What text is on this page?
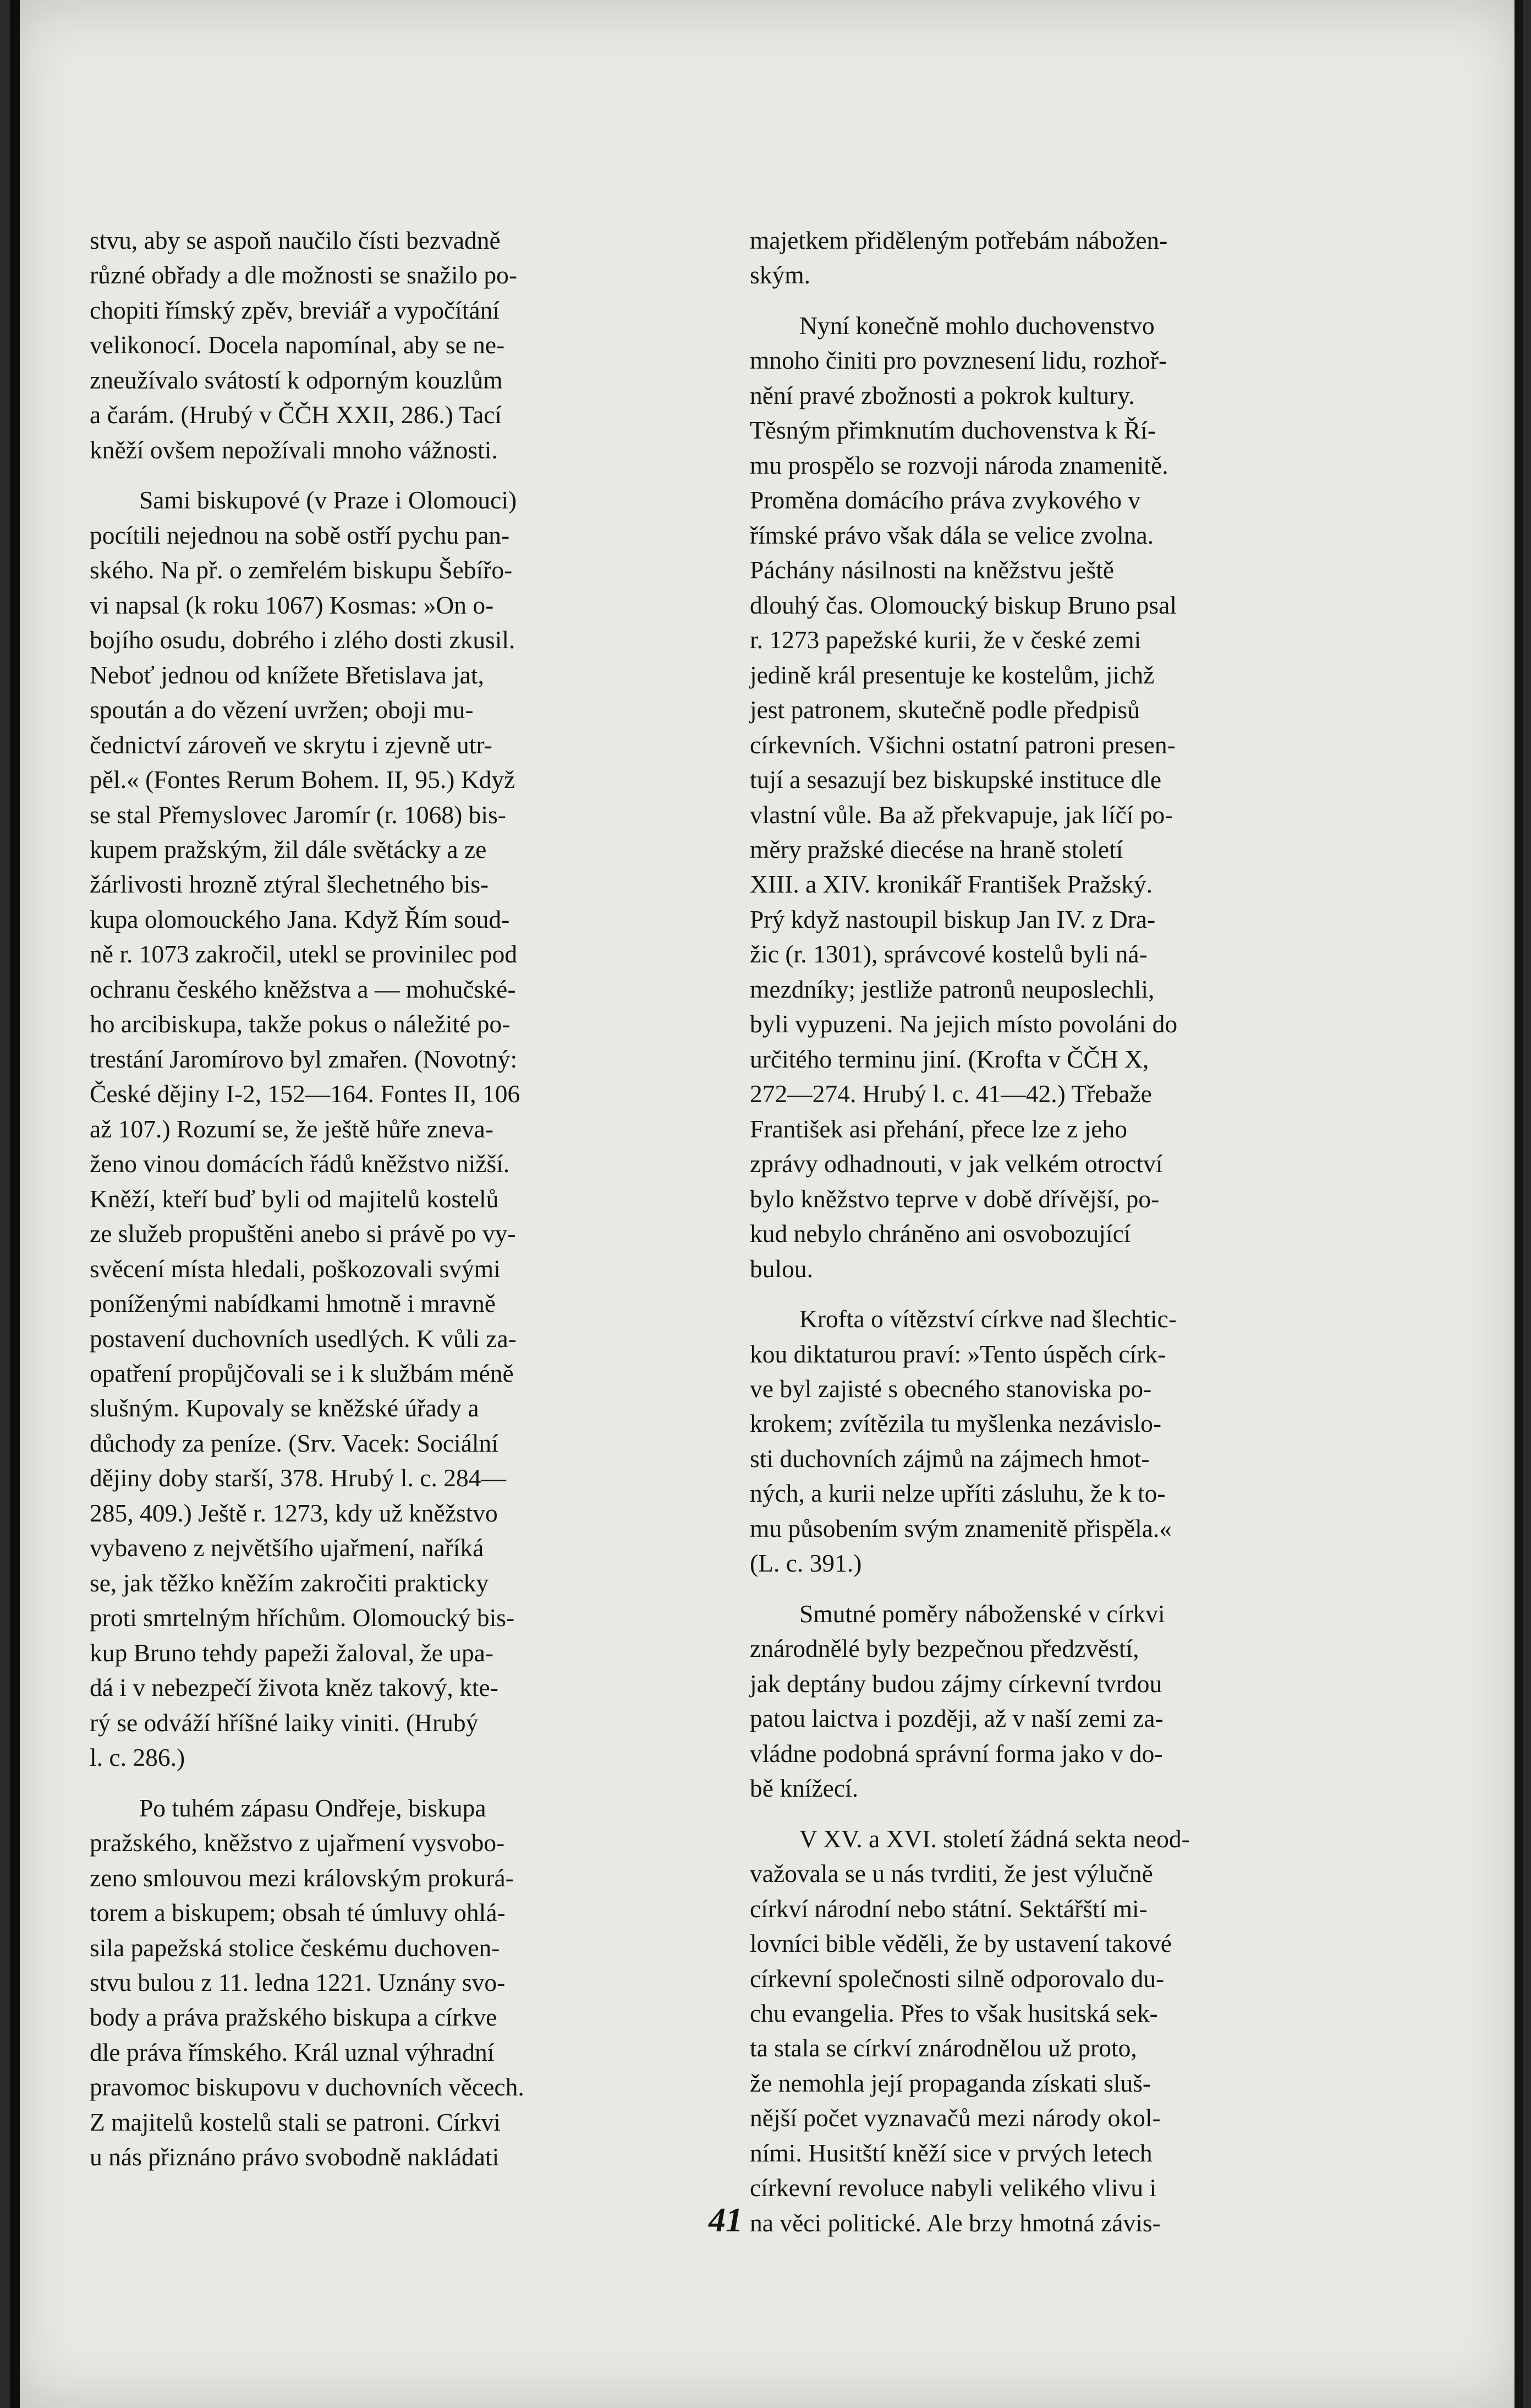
stvu, aby se aspoň naučilo čísti bezvadně
různé obřady a dle možnosti se snažilo po-
chopiti římský zpěv, breviář a vypočítání
velikonocí. Docela napomínal, aby se ne-
zneužívalo svátostí k odporným kouzlům
a čarám. (Hrubý v ČČH XXII, 286.) Tací
kněží ovšem nepožívali mnoho vážnosti.
Sami biskupové (v Praze i Olomouci)
pocítili nejednou na sobě ostří pychu pan-
ského. Na př. o zemřelém biskupu Šebířo-
vi napsal (k roku 1067) Kosmas: »On o-
bojího osudu, dobrého i zlého dosti zkusil.
Neboť jednou od knížete Břetislava jat,
spoután a do vězení uvržen; oboji mu-
čednictví zároveň ve skrytu i zjevně utr-
pěl.« (Fontes Rerum Bohem. II, 95.) Když
se stal Přemyslovec Jaromír (r. 1068) bis-
kupem pražským, žil dále světácky a ze
žárlivosti hrozně ztýral šlechetného bis-
kupa olomouckého Jana. Když Řím soud-
ně r. 1073 zakročil, utekl se provinilec pod
ochranu českého kněžstva a — mohučské-
ho arcibiskupa, takže pokus o náležité po-
trestání Jaromírovo byl zmařen. (Novotný:
České dějiny I-2, 152—164. Fontes II, 106
až 107.) Rozumí se, že ještě hůře zneva-
ženo vinou domácích řádů kněžstvo nižší.
Kněží, kteří buď byli od majitelů kostelů
ze služeb propuštěni anebo si právě po vy-
svěcení místa hledali, poškozovali svými
poníženými nabídkami hmotně i mravně
postavení duchovních usedlých. K vůli za-
opatření propůjčovali se i k službám méně
slušným. Kupovaly se kněžské úřady a
důchody za peníze. (Srv. Vacek: Sociální
dějiny doby starší, 378. Hrubý l. c. 284—
285, 409.) Ještě r. 1273, kdy už kněžstvo
vybaveno z největšího ujařmení, naříká
se, jak těžko kněžím zakročiti prakticky
proti smrtelným hříchům. Olomoucký bis-
kup Bruno tehdy papeži žaloval, že upa-
dá i v nebezpečí života kněz takový, kte-
rý se odváží hříšné laiky viniti. (Hrubý
l. c. 286.)
Po tuhém zápasu Ondřeje, biskupa
pražského, kněžstvo z ujařmení vysvobo-
zeno smlouvou mezi královským prokurá-
torem a biskupem; obsah té úmluvy ohlá-
sila papežská stolice českému duchoven-
stvu bulou z 11. ledna 1221. Uznány svo-
body a práva pražského biskupa a církve
dle práva římského. Král uznal výhradní
pravomoc biskupovu v duchovních věcech.
Z majitelů kostelů stali se patroni. Církvi
u nás přiznáno právo svobodně nakládati
majetkem přiděleným potřebám nábožen-
ským.
Nyní konečně mohlo duchovenstvo
mnoho činiti pro povznesení lidu, rozhoř-
nění pravé zbožnosti a pokrok kultury.
Těsným přimknutím duchovenstva k Ří-
mu prospělo se rozvoji národa znamenitě.
Proměna domácího práva zvykového v
římské právo však dála se velice zvolna.
Páchány násilnosti na kněžstvu ještě
dlouhý čas. Olomoucký biskup Bruno psal
r. 1273 papežské kurii, že v české zemi
jedině král presentuje ke kostelům, jichž
jest patronem, skutečně podle předpisů
církevních. Všichni ostatní patroni presen-
tují a sesazují bez biskupské instituce dle
vlastní vůle. Ba až překvapuje, jak líčí po-
měry pražské diecése na hraně století
XIII. a XIV. kronikář František Pražský.
Prý když nastoupil biskup Jan IV. z Dra-
žic (r. 1301), správcové kostelů byli ná-
mezdníky; jestliže patronů neuposlechli,
byli vypuzeni. Na jejich místo povoláni do
určitého terminu jiní. (Krofta v ČČH X,
272—274. Hrubý l. c. 41—42.) Třebaže
František asi přehání, přece lze z jeho
zprávy odhadnouti, v jak velkém otroctví
bylo kněžstvo teprve v době dřívější, po-
kud nebylo chráněno ani osvobozující
bulou.
Krofta o vítězství církve nad šlechtic-
kou diktaturou praví: »Tento úspěch círk-
ve byl zajisté s obecného stanoviska po-
krokem; zvítězila tu myšlenka nezávislo-
sti duchovních zájmů na zájmech hmot-
ných, a kurii nelze upříti zásluhu, že k to-
mu působením svým znamenitě přispěla.«
(L. c. 391.)
Smutné poměry náboženské v církvi
znárodnělé byly bezpečnou předzvěstí,
jak deptány budou zájmy církevní tvrdou
patou laictva i později, až v naší zemi za-
vládne podobná správní forma jako v do-
bě knížecí.
V XV. a XVI. století žádná sekta neod-
važovala se u nás tvrditi, že jest výlučně
církví národní nebo státní. Sektářští mi-
lovníci bible věděli, že by ustavení takové
církevní společnosti silně odporovalo du-
chu evangelia. Přes to však husitská sek-
ta stala se církví znárodnělou už proto,
že nemohla její propaganda získati sluš-
nější počet vyznavačů mezi národy okol-
ními. Husitští kněží sice v prvých letech
církevní revoluce nabyli velikého vlivu i
na věci politické. Ale brzy hmotná závis-
41
